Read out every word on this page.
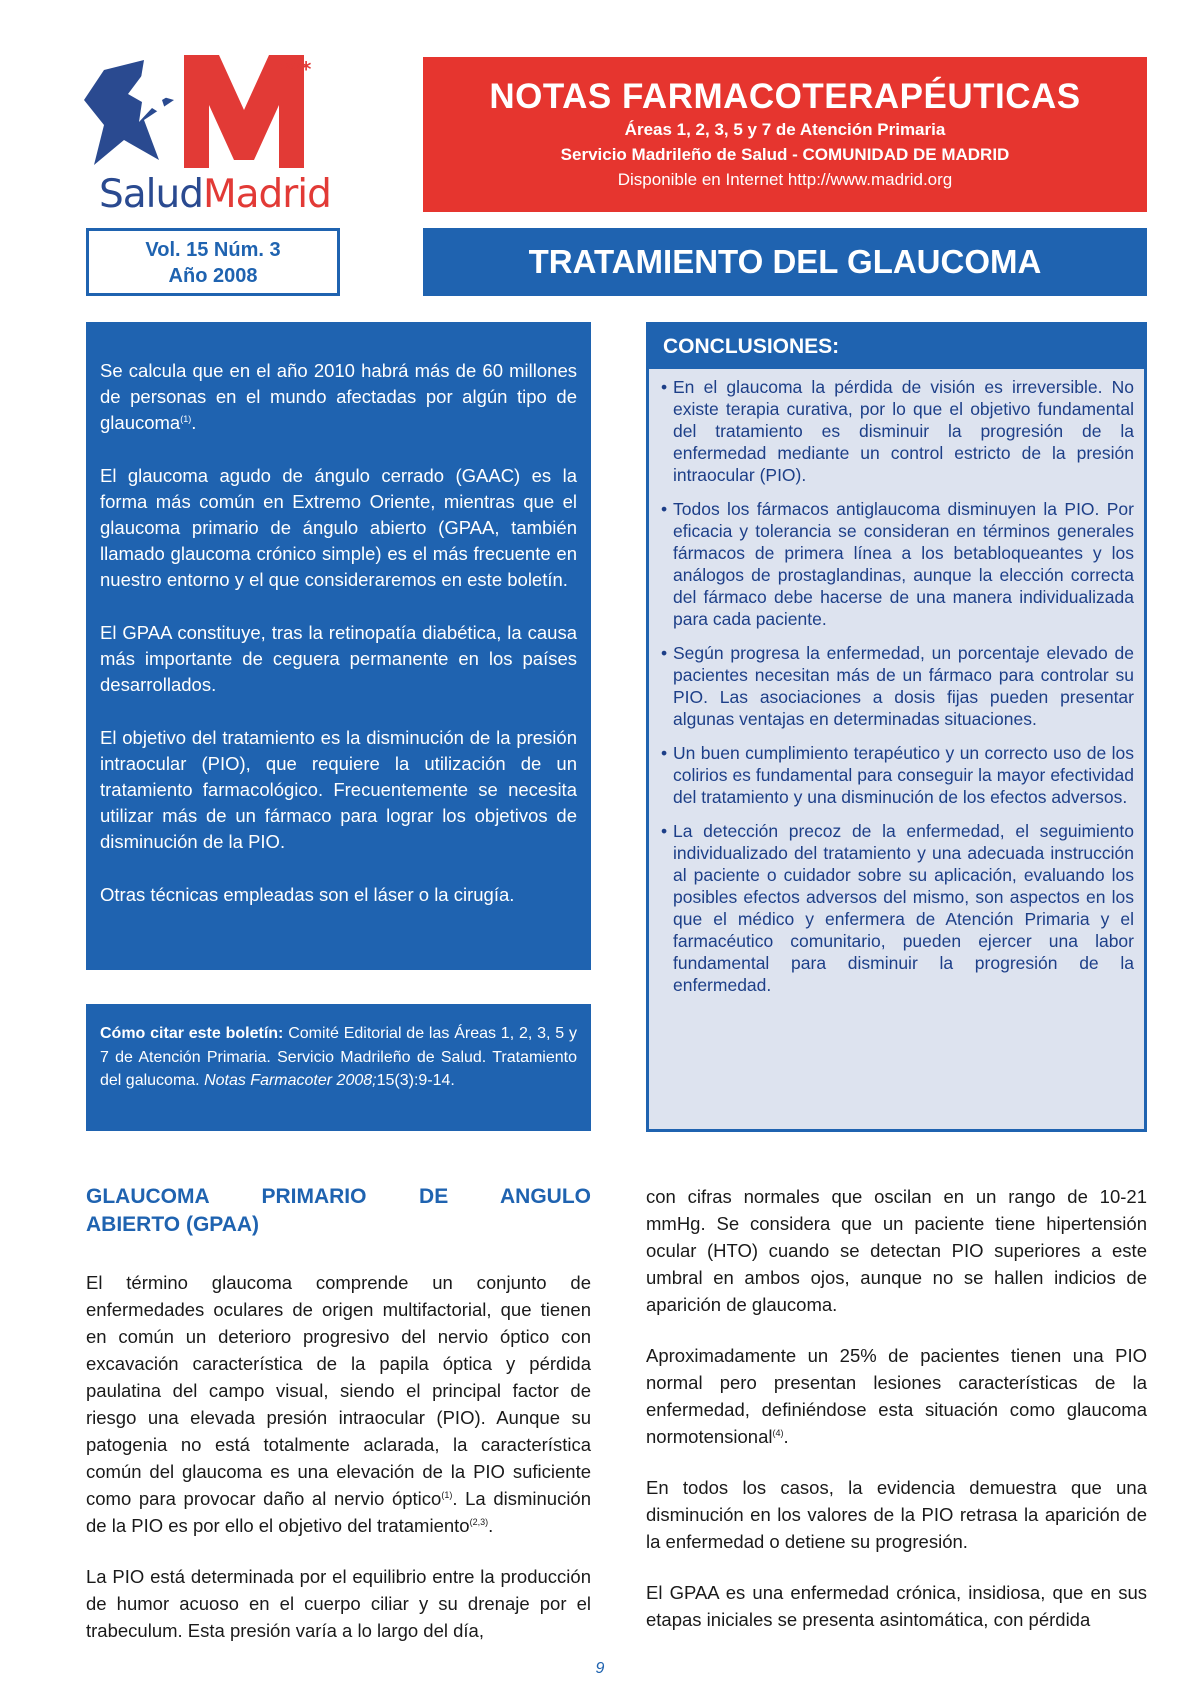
***
SaludMadrid
Vol. 15 Núm. 3
Año 2008
NOTAS FARMACOTERAPÉUTICAS
Áreas 1, 2, 3, 5 y 7 de Atención Primaria
Servicio Madrileño de Salud - COMUNIDAD DE MADRID
Disponible en Internet http://www.madrid.org
TRATAMIENTO DEL GLAUCOMA

Se calcula que en el año 2010 habrá más de 60 millones de personas en el mundo afectadas por algún tipo de glaucoma$^{(1)}$.

El glaucoma agudo de ángulo cerrado (GAAC) es la forma más común en Extremo Oriente, mientras que el glaucoma primario de ángulo abierto (GPAA, también llamado glaucoma crónico simple) es el más frecuente en nuestro entorno y el que consideraremos en este boletín.

El GPAA constituye, tras la retinopatía diabética, la causa más importante de ceguera permanente en los países desarrollados.

El objetivo del tratamiento es la disminución de la presión intraocular (PIO), que requiere la utilización de un tratamiento farmacológico. Frecuentemente se necesita utilizar más de un fármaco para lograr los objetivos de disminución de la PIO.

Otras técnicas empleadas son el láser o la cirugía.

Cómo citar este boletín: Comité Editorial de las Áreas 1, 2, 3, 5 y 7 de Atención Primaria. Servicio Madrileño de Salud. Tratamiento del galucoma. Notas Farmacoter 2008;15(3):9-14.
CONCLUSIONES:
• En el glaucoma la pérdida de visión es irreversible. No existe terapia curativa, por lo que el objetivo fundamental del tratamiento es disminuir la progresión de la enfermedad mediante un control estricto de la presión intraocular (PIO).
• Todos los fármacos antiglaucoma disminuyen la PIO. Por eficacia y tolerancia se consideran en términos generales fármacos de primera línea a los betabloqueantes y los análogos de prostaglandinas, aunque la elección correcta del fármaco debe hacerse de una manera individualizada para cada paciente.
• Según progresa la enfermedad, un porcentaje elevado de pacientes necesitan más de un fármaco para controlar su PIO. Las asociaciones a dosis fijas pueden presentar algunas ventajas en determinadas situaciones.
• Un buen cumplimiento terapéutico y un correcto uso de los colirios es fundamental para conseguir la mayor efectividad del tratamiento y una disminución de los efectos adversos.
• La detección precoz de la enfermedad, el seguimiento individualizado del tratamiento y una adecuada instrucción al paciente o cuidador sobre su aplicación, evaluando los posibles efectos adversos del mismo, son aspectos en los que el médico y enfermera de Atención Primaria y el farmacéutico comunitario, pueden ejercer una labor fundamental para disminuir la progresión de la enfermedad.
GLAUCOMA PRIMARIO DE ANGULO
ABIERTO (GPAA)

El término glaucoma comprende un conjunto de enfermedades oculares de origen multifactorial, que tienen en común un deterioro progresivo del nervio óptico con excavación característica de la papila óptica y pérdida paulatina del campo visual, siendo el principal factor de riesgo una elevada presión intraocular (PIO). Aunque su patogenia no está totalmente aclarada, la característica común del glaucoma es una elevación de la PIO suficiente como para provocar daño al nervio óptico$^{(1)}$. La disminución de la PIO es por ello el objetivo del tratamiento$^{(2,3)}$.

La PIO está determinada por el equilibrio entre la producción de humor acuoso en el cuerpo ciliar y su drenaje por el trabeculum. Esta presión varía a lo largo del día,

con cifras normales que oscilan en un rango de 10-21 mmHg. Se considera que un paciente tiene hipertensión ocular (HTO) cuando se detectan PIO superiores a este umbral en ambos ojos, aunque no se hallen indicios de aparición de glaucoma.

Aproximadamente un 25% de pacientes tienen una PIO normal pero presentan lesiones características de la enfermedad, definiéndose esta situación como glaucoma normotensional$^{(4)}$.

En todos los casos, la evidencia demuestra que una disminución en los valores de la PIO retrasa la aparición de la enfermedad o detiene su progresión.

El GPAA es una enfermedad crónica, insidiosa, que en sus etapas iniciales se presenta asintomática, con pérdida

9
